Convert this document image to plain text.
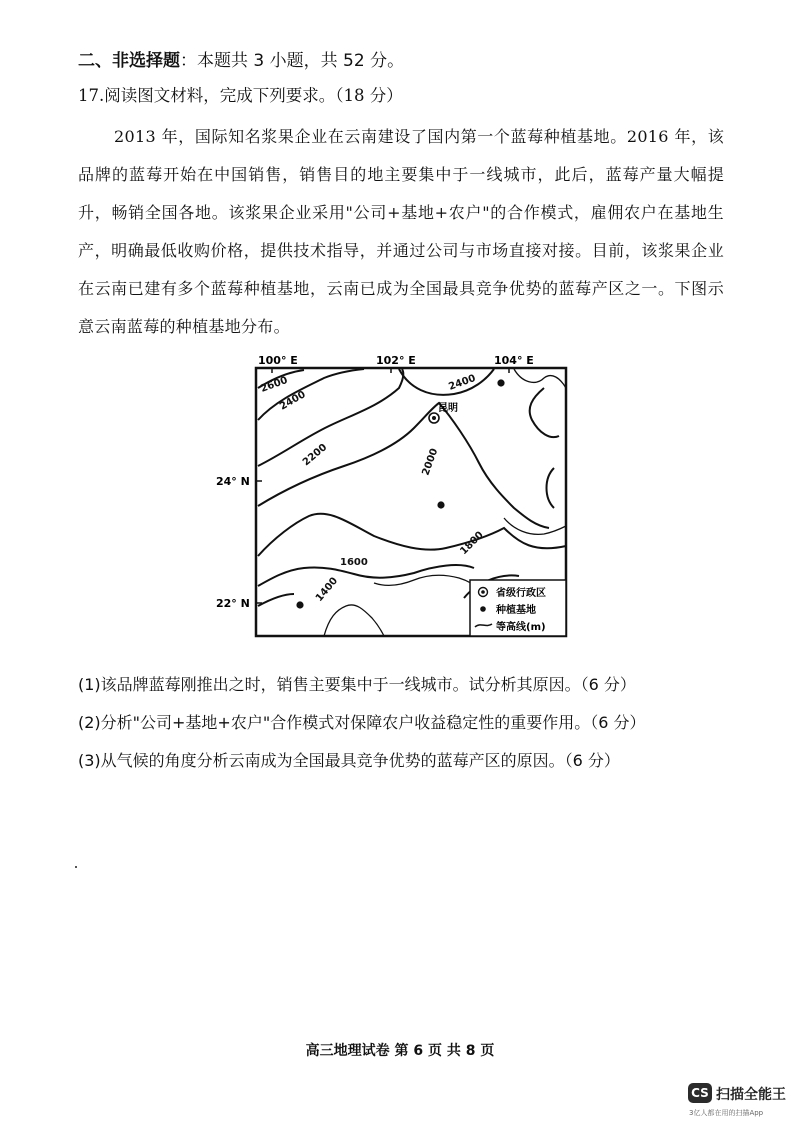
二、非选择题：本题共 3 小题，共 52 分。
17.阅读图文材料，完成下列要求。（18 分）

2013 年，国际知名浆果企业在云南建设了国内第一个蓝莓种植基地。2016 年，该品牌的蓝莓开始在中国销售，销售目的地主要集中于一线城市，此后，蓝莓产量大幅提升，畅销全国各地。该浆果企业采用"公司+基地+农户"的合作模式，雇佣农户在基地生产，明确最低收购价格，提供技术指导，并通过公司与市场直接对接。目前，该浆果企业在云南已建有多个蓝莓种植基地，云南已成为全国最具竞争优势的蓝莓产区之一。下图示意云南蓝莓的种植基地分布。

100° E	102° E	104° E
24° N
22° N
2600
2400
2400
2200	2000
1800
1600
1400
昆明
省级行政区
种植基地
等高线(m)
(1)该品牌蓝莓刚推出之时，销售主要集中于一线城市。试分析其原因。（6 分）
(2)分析"公司+基地+农户"合作模式对保障农户收益稳定性的重要作用。（6 分）
(3)从气候的角度分析云南成为全国最具竞争优势的蓝莓产区的原因。（6 分）
高三地理试卷 第 6 页 共 8 页
CS 扫描全能王
3亿人都在用的扫描App
